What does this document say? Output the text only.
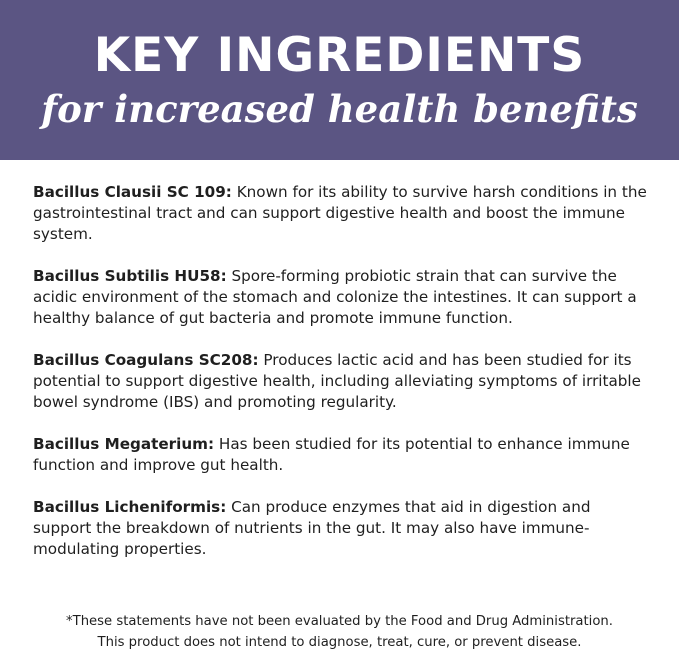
KEY INGREDIENTS
for increased health benefits

Bacillus Clausii SC 109: Known for its ability to survive harsh conditions in the gastrointestinal tract and can support digestive health and boost the immune system.

Bacillus Subtilis HU58: Spore-forming probiotic strain that can survive the acidic environment of the stomach and colonize the intestines. It can support a healthy balance of gut bacteria and promote immune function.

Bacillus Coagulans SC208: Produces lactic acid and has been studied for its potential to support digestive health, including alleviating symptoms of irritable bowel syndrome (IBS) and promoting regularity.

Bacillus Megaterium: Has been studied for its potential to enhance immune function and improve gut health.

Bacillus Licheniformis: Can produce enzymes that aid in digestion and support the breakdown of nutrients in the gut. It may also have immune-modulating properties.

*These statements have not been evaluated by the Food and Drug Administration.
This product does not intend to diagnose, treat, cure, or prevent disease.
